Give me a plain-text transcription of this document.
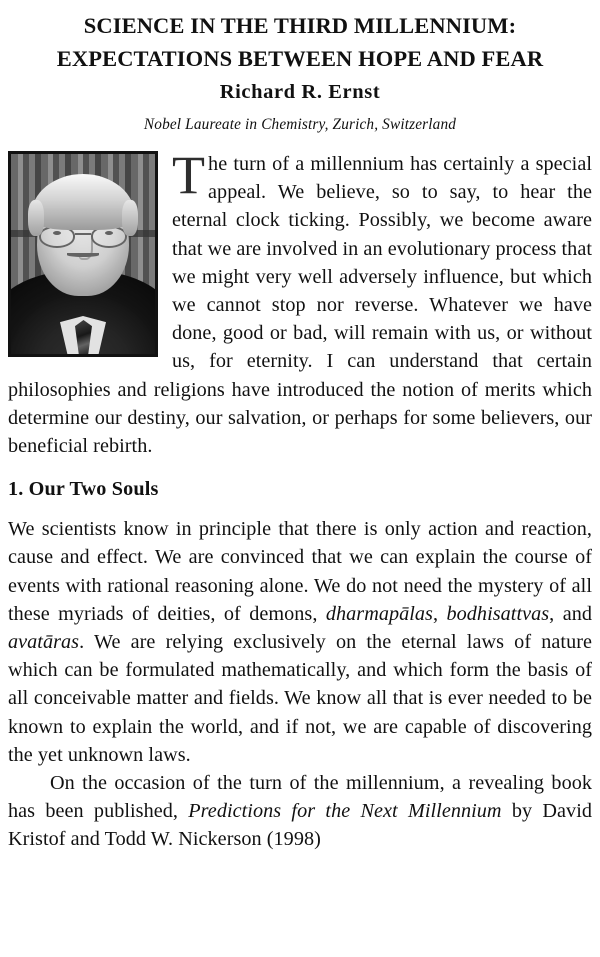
SCIENCE IN THE THIRD MILLENNIUM:
EXPECTATIONS BETWEEN HOPE AND FEAR
Richard R. Ernst
Nobel Laureate in Chemistry, Zurich, Switzerland

The turn of a millennium has certainly a special appeal. We believe, so to say, to hear the eternal clock ticking. Possibly, we become aware that we are involved in an evolutionary process that we might very well adversely influence, but which we cannot stop nor reverse. Whatever we have done, good or bad, will remain with us, or without us, for eternity. I can understand that certain philosophies and religions have introduced the notion of merits which determine our destiny, our salvation, or perhaps for some believers, our beneficial rebirth.

1. Our Two Souls

We scientists know in principle that there is only action and reaction, cause and effect. We are convinced that we can explain the course of events with rational reasoning alone. We do not need the mystery of all these myriads of deities, of demons, dharmapālas, bodhisattvas, and avatāras. We are relying exclusively on the eternal laws of nature which can be formulated mathematically, and which form the basis of all conceivable matter and fields. We know all that is ever needed to be known to explain the world, and if not, we are capable of discovering the yet unknown laws.

On the occasion of the turn of the millennium, a revealing book has been published, Predictions for the Next Millennium by David Kristof and Todd W. Nickerson (1998)
